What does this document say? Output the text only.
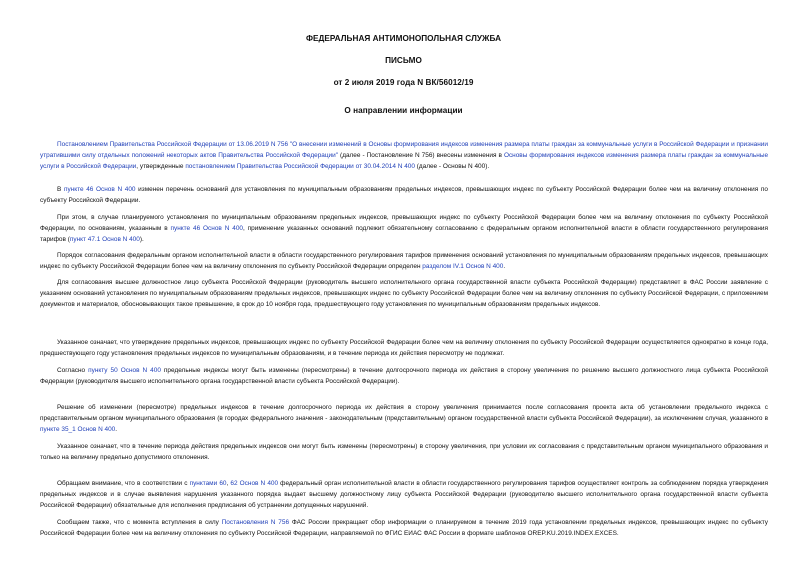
ФЕДЕРАЛЬНАЯ АНТИМОНОПОЛЬНАЯ СЛУЖБА
ПИСЬМО
от 2 июля 2019 года N ВК/56012/19
О направлении информации

Постановлением Правительства Российской Федерации от 13.06.2019 N 756 "О внесении изменений в Основы формирования индексов изменения размера платы граждан за коммунальные услуги в Российской Федерации и признании утратившими силу отдельных положений некоторых актов Правительства Российской Федерации" (далее - Постановление N 756) внесены изменения в Основы формирования индексов изменения размера платы граждан за коммунальные услуги в Российской Федерации, утвержденные постановлением Правительства Российской Федерации от 30.04.2014 N 400 (далее - Основы N 400).

В пункте 46 Основ N 400 изменен перечень оснований для установления по муниципальным образованиям предельных индексов, превышающих индекс по субъекту Российской Федерации более чем на величину отклонения по субъекту Российской Федерации.

При этом, в случае планируемого установления по муниципальным образованиям предельных индексов, превышающих индекс по субъекту Российской Федерации более чем на величину отклонения по субъекту Российской Федерации, по основаниям, указанным в пункте 46 Основ N 400, применение указанных оснований подлежит обязательному согласованию с федеральным органом исполнительной власти в области государственного регулирования тарифов (пункт 47.1 Основ N 400).

Порядок согласования федеральным органом исполнительной власти в области государственного регулирования тарифов применения оснований установления по муниципальным образованиям предельных индексов, превышающих индекс по субъекту Российской Федерации более чем на величину отклонения по субъекту Российской Федерации определен разделом IV.1 Основ N 400.

Для согласования высшее должностное лицо субъекта Российской Федерации (руководитель высшего исполнительного органа государственной власти субъекта Российской Федерации) представляет в ФАС России заявление с указанием оснований установления по муниципальным образованиям предельных индексов, превышающих индекс по субъекту Российской Федерации более чем на величину отклонения по субъекту Российской Федерации, с приложением документов и материалов, обосновывающих такое превышение, в срок до 10 ноября года, предшествующего году установления по муниципальным образованиям предельных индексов.

Указанное означает, что утверждение предельных индексов, превышающих индекс по субъекту Российской Федерации более чем на величину отклонения по субъекту Российской Федерации осуществляется однократно в конце года, предшествующего году установления предельных индексов по муниципальным образованиям, и в течение периода их действия пересмотру не подлежат.

Согласно пункту 50 Основ N 400 предельные индексы могут быть изменены (пересмотрены) в течение долгосрочного периода их действия в сторону увеличения по решению высшего должностного лица субъекта Российской Федерации (руководителя высшего исполнительного органа государственной власти субъекта Российской Федерации).

Решение об изменении (пересмотре) предельных индексов в течение долгосрочного периода их действия в сторону увеличения принимается после согласования проекта акта об установлении предельного индекса с представительным органом муниципального образования (в городах федерального значения - законодательным (представительным) органом государственной власти субъекта Российской Федерации), за исключением случая, указанного в пункте 35_1 Основ N 400.

Указанное означает, что в течение периода действия предельных индексов они могут быть изменены (пересмотрены) в сторону увеличения, при условии их согласования с представительным органом муниципального образования и только на величину предельно допустимого отклонения.

Обращаем внимание, что в соответствии с пунктами 60, 62 Основ N 400 федеральный орган исполнительной власти в области государственного регулирования тарифов осуществляет контроль за соблюдением порядка утверждения предельных индексов и в случае выявления нарушения указанного порядка выдает высшему должностному лицу субъекта Российской Федерации (руководителю высшего исполнительного органа государственной власти субъекта Российской Федерации) обязательные для исполнения предписания об устранении допущенных нарушений.

Сообщаем также, что с момента вступления в силу Постановления N 756 ФАС России прекращает сбор информации о планируемом в течение 2019 года установлении предельных индексов, превышающих индекс по субъекту Российской Федерации более чем на величину отклонения по субъекту Российской Федерации, направляемой по ФГИС ЕИАС ФАС России в формате шаблонов OREP.KU.2019.INDEX.EXCES.
